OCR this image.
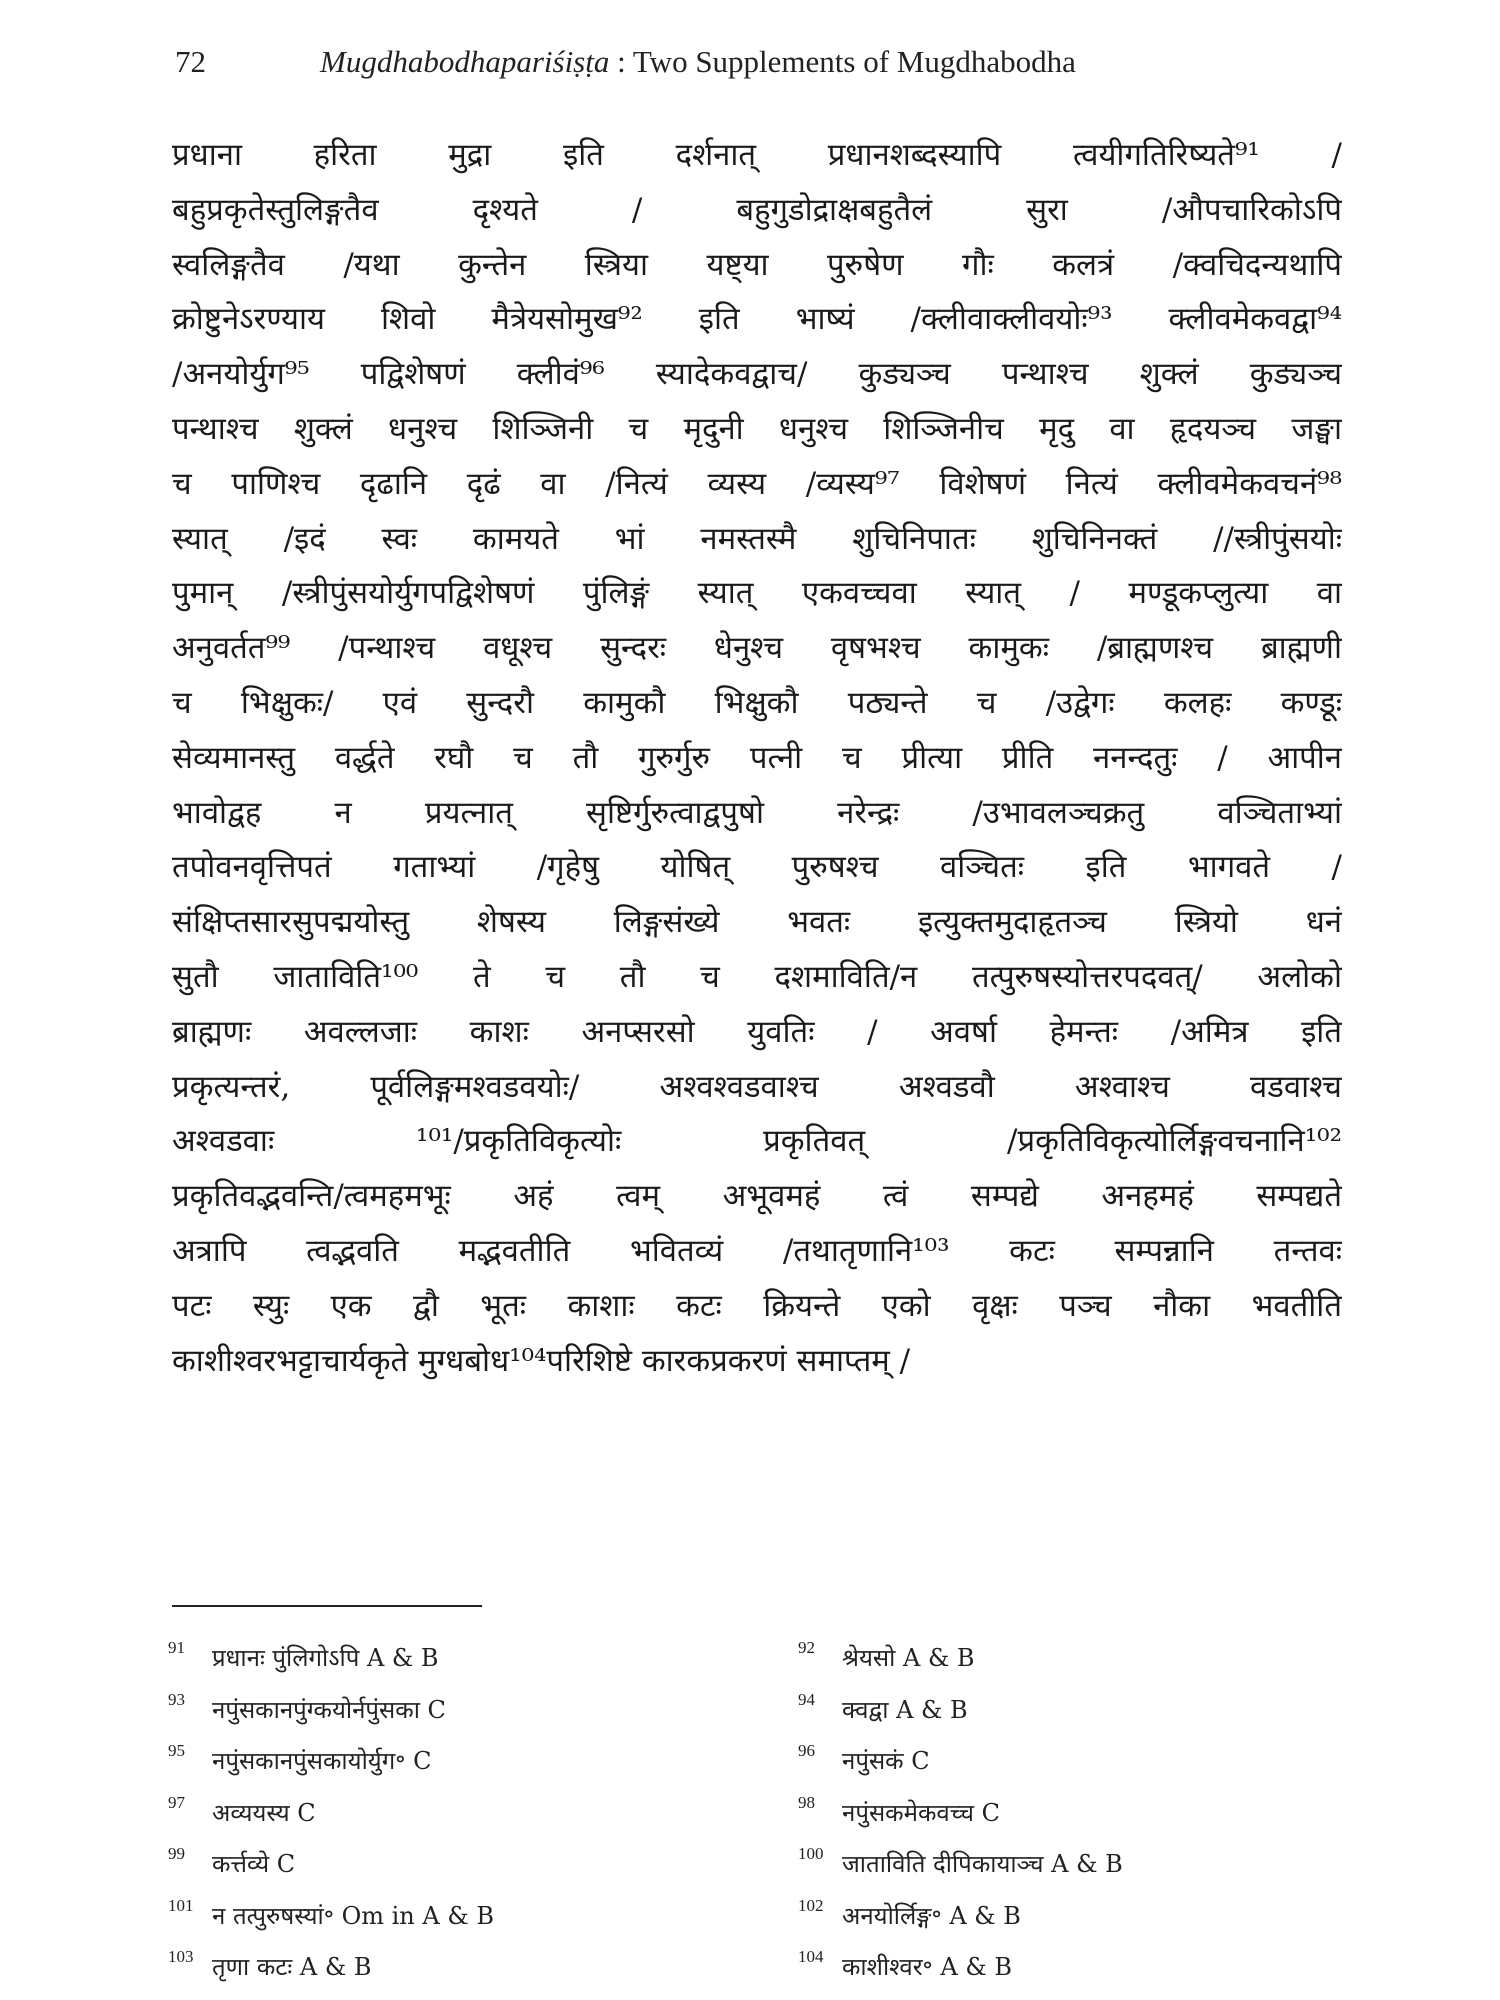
72	Mugdhabodhapariśiṣṭa : Two Supplements of Mugdhabodha
प्रधाना हरिता मुद्रा इति दर्शनात् प्रधानशब्दस्यापि त्वयीगतिरिष्यते⁹¹ /
बहुप्रकृतेस्तुलिङ्गतैव दृश्यते / बहुगुडोद्राक्षबहुतैलं सुरा /औपचारिकोऽपि
स्वलिङ्गतैव /यथा कुन्तेन स्त्रिया यष्ट्या पुरुषेण गौः कलत्रं /क्वचिदन्यथापि
क्रोष्टुनेऽरण्याय शिवो मैत्रेयसोमुख⁹² इति भाष्यं /क्लीवाक्लीवयोः⁹³ क्लीवमेकवद्वा⁹⁴
/अनयोर्युग⁹⁵ पद्विशेषणं क्लीवं⁹⁶ स्यादेकवद्वाच/ कुड्यञ्च पन्थाश्च शुक्लं कुड्यञ्च
पन्थाश्च शुक्लं धनुश्च शिञ्जिनी च मृदुनी धनुश्च शिञ्जिनीच मृदु वा हृदयञ्च जङ्घा
च पाणिश्च दृढानि दृढं वा /नित्यं व्यस्य /व्यस्य⁹⁷ विशेषणं नित्यं क्लीवमेकवचनं⁹⁸
स्यात् /इदं स्वः कामयते भां नमस्तस्मै शुचिनिपातः शुचिनिनक्तं //स्त्रीपुंसयोः
पुमान् /स्त्रीपुंसयोर्युगपद्विशेषणं पुंलिङ्गं स्यात् एकवच्चवा स्यात् / मण्डूकप्लुत्या वा
अनुवर्तत⁹⁹ /पन्थाश्च वधूश्च सुन्दरः धेनुश्च वृषभश्च कामुकः /ब्राह्मणश्च ब्राह्मणी
च भिक्षुकः/ एवं सुन्दरौ कामुकौ भिक्षुकौ पठ्यन्ते च /उद्वेगः कलहः कण्डूः
सेव्यमानस्तु वर्द्धते रघौ च तौ गुरुर्गुरु पत्नी च प्रीत्या प्रीति ननन्दतुः / आपीन
भावोद्वह न प्रयत्नात् सृष्टिर्गुरुत्वाद्वपुषो नरेन्द्रः /उभावलञ्चक्रतु वञ्चिताभ्यां
तपोवनवृत्तिपतं गताभ्यां /गृहेषु योषित् पुरुषश्च वञ्चितः इति भागवते /
संक्षिप्तसारसुपद्मयोस्तु शेषस्य लिङ्गसंख्ये भवतः इत्युक्तमुदाहृतञ्च स्त्रियो धनं
सुतौ जाताविति¹⁰⁰ ते च तौ च दशमाविति/न तत्पुरुषस्योत्तरपदवत्/ अलोको
ब्राह्मणः अवल्लजाः काशः अनप्सरसो युवतिः / अवर्षा हेमन्तः /अमित्र इति
प्रकृत्यन्तरं, पूर्वलिङ्गमश्वडवयोः/ अश्वश्वडवाश्च अश्वडवौ अश्वाश्च वडवाश्च
अश्वडवाः ¹⁰¹/प्रकृतिविकृत्योः प्रकृतिवत् /प्रकृतिविकृत्योर्लिङ्गवचनानि¹⁰²
प्रकृतिवद्भवन्ति/त्वमहमभूः अहं त्वम् अभूवमहं त्वं सम्पद्ये अनहमहं सम्पद्यते
अत्रापि त्वद्भवति मद्भवतीति भवितव्यं /तथातृणानि¹⁰³ कटः सम्पन्नानि तन्तवः
पटः स्युः एक द्वौ भूतः काशाः कटः क्रियन्ते एको वृक्षः पञ्च नौका भवतीति
काशीश्वरभट्टाचार्यकृते मुग्धबोध¹⁰⁴परिशिष्टे कारकप्रकरणं समाप्तम् /
91 प्रधानः पुंलिगोऽपि A & B
93 नपुंसकानपुंग्कयोर्नपुंसका C
95 नपुंसकानपुंसकायोर्युग॰ C
97 अव्ययस्य C
99 कर्त्तव्ये C
101 न तत्पुरुषस्यां॰ Om in A & B
103 तृणा कटः A & B
92 श्रेयसो A & B
94 क्वद्वा A & B
96 नपुंसकं C
98 नपुंसकमेकवच्च C
100 जाताविति दीपिकायाञ्च A & B
102 अनयोर्लिङ्ग॰ A & B
104 काशीश्वर॰ A & B
